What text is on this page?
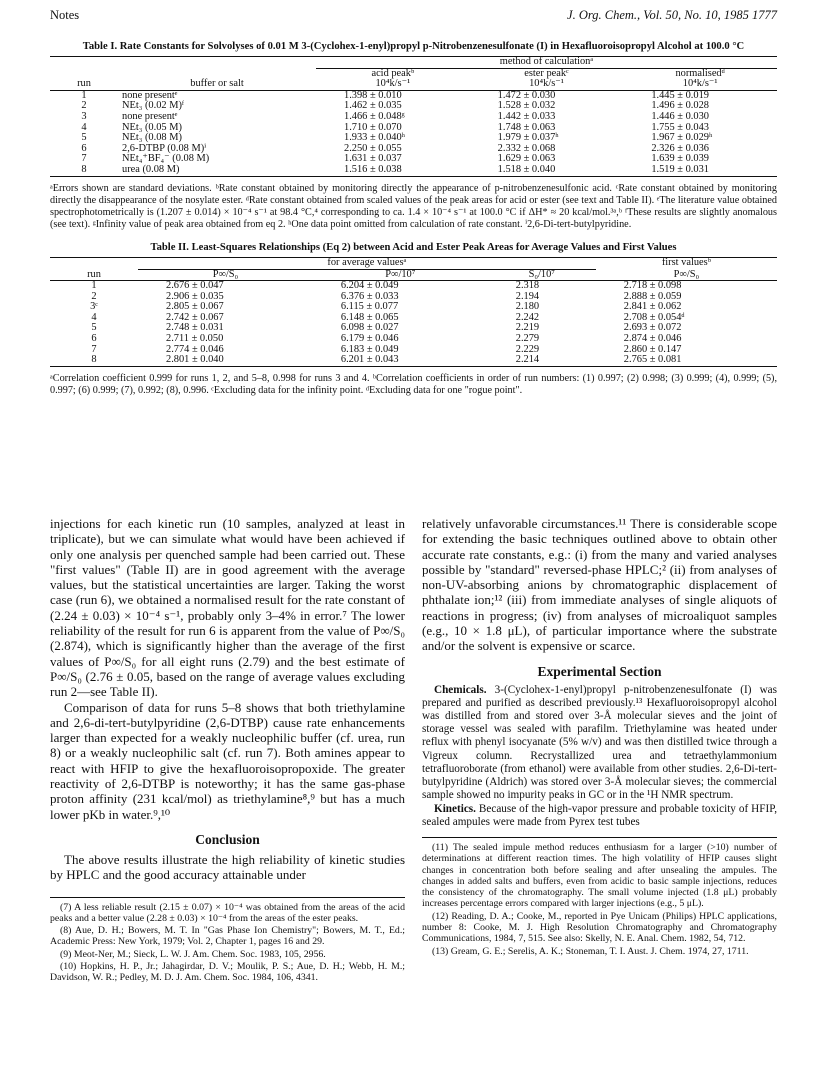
Notes	J. Org. Chem., Vol. 50, No. 10, 1985 1777
Table I. Rate Constants for Solvolyses of 0.01 M 3-(Cyclohex-1-enyl)propyl p-Nitrobenzenesulfonate (I) in Hexafluoroisopropyl Alcohol at 100.0 °C
		method of calculationᵃ		
		acid peakᵇ	ester peakᶜ	normalisedᵈ
run	buffer or salt	10⁴k/s⁻¹	10⁴k/s⁻¹	10⁴k/s⁻¹
1	none presentᵉ	1.398 ± 0.010	1.472 ± 0.030	1.445 ± 0.019
2	NEt₃ (0.02 M)ᶠ	1.462 ± 0.035	1.528 ± 0.032	1.496 ± 0.028
3	none presentᵉ	1.466 ± 0.048ᵍ	1.442 ± 0.033	1.446 ± 0.030
4	NEt₃ (0.05 M)	1.710 ± 0.070	1.748 ± 0.063	1.755 ± 0.043
5	NEt₃ (0.08 M)	1.933 ± 0.040ʰ	1.979 ± 0.037ʰ	1.967 ± 0.029ʰ
6	2,6-DTBP (0.08 M)ⁱ	2.250 ± 0.055	2.332 ± 0.068	2.326 ± 0.036
7	NEt₄⁺BF₄⁻ (0.08 M)	1.631 ± 0.037	1.629 ± 0.063	1.639 ± 0.039
8	urea (0.08 M)	1.516 ± 0.038	1.518 ± 0.040	1.519 ± 0.031
ᵃErrors shown are standard deviations. ᵇRate constant obtained by monitoring directly the appearance of p-nitrobenzenesulfonic acid. ᶜRate constant obtained by monitoring directly the disappearance of the nosylate ester. ᵈRate constant obtained from scaled values of the peak areas for acid or ester (see text and Table II). ᵉThe literature value obtained spectrophotometrically is (1.207 ± 0.014) × 10⁻⁴ s⁻¹ at 98.4 °C,⁴ corresponding to ca. 1.4 × 10⁻⁴ s⁻¹ at 100.0 °C if ΔH* ≈ 20 kcal/mol.³ᵃ,ᵇ ᶠThese results are slightly anomalous (see text). ᵍInfinity value of peak area obtained from eq 2. ʰOne data point omitted from calculation of rate constant. ⁱ2,6-Di-tert-butylpyridine.
Table II. Least-Squares Relationships (Eq 2) between Acid and Ester Peak Areas for Average Values and First Values
	for average valuesᵃ			first valuesᵇ
run	P∞/S₀	P∞/10⁷	S₀/10⁷	P∞/S₀
1	2.676 ± 0.047	6.204 ± 0.049	2.318	2.718 ± 0.098
2	2.906 ± 0.035	6.376 ± 0.033	2.194	2.888 ± 0.059
3ᶜ	2.805 ± 0.067	6.115 ± 0.077	2.180	2.841 ± 0.062
4	2.742 ± 0.067	6.148 ± 0.065	2.242	2.708 ± 0.054ᵈ
5	2.748 ± 0.031	6.098 ± 0.027	2.219	2.693 ± 0.072
6	2.711 ± 0.050	6.179 ± 0.046	2.279	2.874 ± 0.046
7	2.774 ± 0.046	6.183 ± 0.049	2.229	2.860 ± 0.147
8	2.801 ± 0.040	6.201 ± 0.043	2.214	2.765 ± 0.081
ᵃCorrelation coefficient 0.999 for runs 1, 2, and 5–8, 0.998 for runs 3 and 4. ᵇCorrelation coefficients in order of run numbers: (1) 0.997; (2) 0.998; (3) 0.999; (4), 0.999; (5), 0.997; (6) 0.999; (7), 0.992; (8), 0.996. ᶜExcluding data for the infinity point. ᵈExcluding data for one "rogue point".

injections for each kinetic run (10 samples, analyzed at least in triplicate), but we can simulate what would have been achieved if only one analysis per quenched sample had been carried out. These "first values" (Table II) are in good agreement with the average values, but the statistical uncertainties are larger. Taking the worst case (run 6), we obtained a normalised result for the rate constant of (2.24 ± 0.03) × 10⁻⁴ s⁻¹, probably only 3–4% in error.⁷ The lower reliability of the result for run 6 is apparent from the value of P∞/S₀ (2.874), which is significantly higher than the average of the first values of P∞/S₀ for all eight runs (2.79) and the best estimate of P∞/S₀ (2.76 ± 0.05, based on the range of average values excluding run 2—see Table II).

Comparison of data for runs 5–8 shows that both triethylamine and 2,6-di-tert-butylpyridine (2,6-DTBP) cause rate enhancements larger than expected for a weakly nucleophilic buffer (cf. urea, run 8) or a weakly nucleophilic salt (cf. run 7). Both amines appear to react with HFIP to give the hexafluoroisopropoxide. The greater reactivity of 2,6-DTBP is noteworthy; it has the same gas-phase proton affinity (231 kcal/mol) as triethylamine⁸,⁹ but has a much lower pKb in water.⁹,¹⁰

Conclusion

The above results illustrate the high reliability of kinetic studies by HPLC and the good accuracy attainable under

(7) A less reliable result (2.15 ± 0.07) × 10⁻⁴ was obtained from the areas of the acid peaks and a better value (2.28 ± 0.03) × 10⁻⁴ from the areas of the ester peaks.

(8) Aue, D. H.; Bowers, M. T. In "Gas Phase Ion Chemistry"; Bowers, M. T., Ed.; Academic Press: New York, 1979; Vol. 2, Chapter 1, pages 16 and 29.

(9) Meot-Ner, M.; Sieck, L. W. J. Am. Chem. Soc. 1983, 105, 2956.

(10) Hopkins, H. P., Jr.; Jahagirdar, D. V.; Moulik, P. S.; Aue, D. H.; Webb, H. M.; Davidson, W. R.; Pedley, M. D. J. Am. Chem. Soc. 1984, 106, 4341.

relatively unfavorable circumstances.¹¹ There is considerable scope for extending the basic techniques outlined above to obtain other accurate rate constants, e.g.: (i) from the many and varied analyses possible by "standard" reversed-phase HPLC;² (ii) from analyses of non-UV-absorbing anions by chromatographic displacement of phthalate ion;¹² (iii) from immediate analyses of single aliquots of reactions in progress; (iv) from analyses of microaliquot samples (e.g., 10 × 1.8 μL), of particular importance where the substrate and/or the solvent is expensive or scarce.

Experimental Section

Chemicals. 3-(Cyclohex-1-enyl)propyl p-nitrobenzenesulfonate (I) was prepared and purified as described previously.¹³ Hexafluoroisopropyl alcohol was distilled from and stored over 3-Å molecular sieves and the joint of storage vessel was sealed with parafilm. Triethylamine was heated under reflux with phenyl isocyanate (5% w/v) and was then distilled twice through a Vigreux column. Recrystallized urea and tetraethylammonium tetrafluoroborate (from ethanol) were available from other studies. 2,6-Di-tert-butylpyridine (Aldrich) was stored over 3-Å molecular sieves; the commercial sample showed no impurity peaks in GC or in the ¹H NMR spectrum.

Kinetics. Because of the high-vapor pressure and probable toxicity of HFIP, sealed ampules were made from Pyrex test tubes

(11) The sealed impule method reduces enthusiasm for a larger (>10) number of determinations at different reaction times. The high volatility of HFIP causes slight changes in concentration both before sealing and after unsealing the ampules. The changes in added salts and buffers, even from acidic to basic sample injections, reduces the consistency of the chromatography. The small volume injected (1.8 μL) probably increases percentage errors compared with larger injections (e.g., 5 μL).

(12) Reading, D. A.; Cooke, M., reported in Pye Unicam (Philips) HPLC applications, number 8: Cooke, M. J. High Resolution Chromatography and Chromatography Communications, 1984, 7, 515. See also: Skelly, N. E. Anal. Chem. 1982, 54, 712.

(13) Gream, G. E.; Serelis, A. K.; Stoneman, T. I. Aust. J. Chem. 1974, 27, 1711.
